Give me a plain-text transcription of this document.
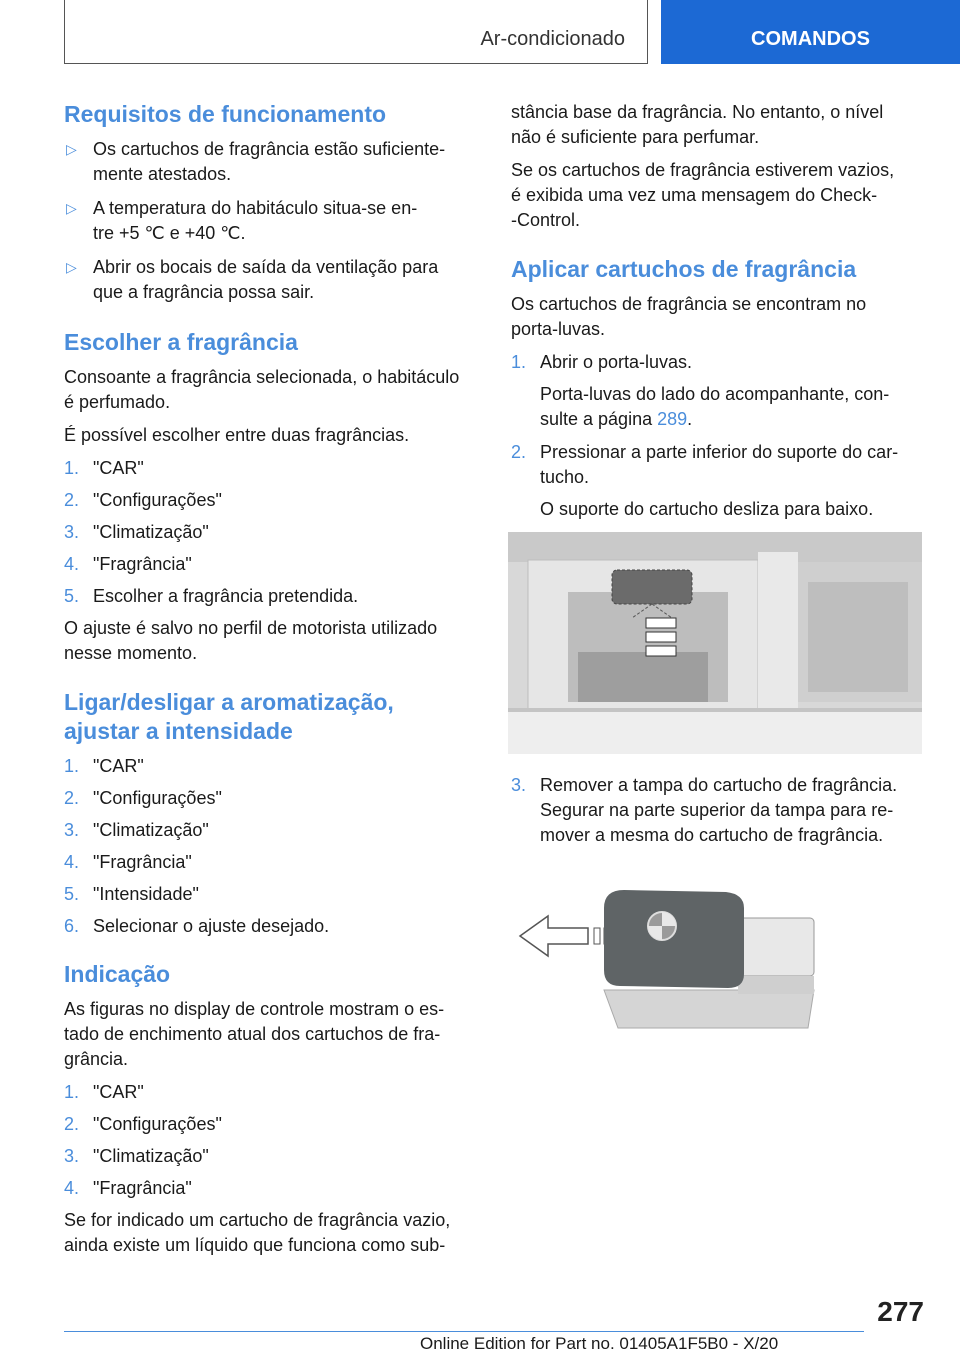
Ar-condicionado	COMANDOS
Requisitos de funcionamento
▷ Os cartuchos de fragrância estão suficiente-
mente atestados.
▷ A temperatura do habitáculo situa-se en-
tre +5 ℃ e +40 ℃.
▷ Abrir os bocais de saída da ventilação para
que a fragrância possa sair.
Escolher a fragrância

Consoante a fragrância selecionada, o habitáculo
é perfumado.

É possível escolher entre duas fragrâncias.

1. "CAR"
2. "Configurações"
3. "Climatização"
4. "Fragrância"
5. Escolher a fragrância pretendida.

O ajuste é salvo no perfil de motorista utilizado
nesse momento.

Ligar/desligar a aromatização,
ajustar a intensidade
1. "CAR"
2. "Configurações"
3. "Climatização"
4. "Fragrância"
5. "Intensidade"
6. Selecionar o ajuste desejado.
Indicação

As figuras no display de controle mostram o es-
tado de enchimento atual dos cartuchos de fra-
grância.

1. "CAR"
2. "Configurações"
3. "Climatização"
4. "Fragrância"

Se for indicado um cartucho de fragrância vazio,
ainda existe um líquido que funciona como sub-

stância base da fragrância. No entanto, o nível
não é suficiente para perfumar.

Se os cartuchos de fragrância estiverem vazios,
é exibida uma vez uma mensagem do Check-
-Control.

Aplicar cartuchos de fragrância

Os cartuchos de fragrância se encontram no
porta-luvas.

1. Abrir o porta-luvas.
Porta-luvas do lado do acompanhante, con-
sulte a página 289.
2. Pressionar a parte inferior do suporte do car-
tucho.
O suporte do cartucho desliza para baixo.
3. Remover a tampa do cartucho de fragrância.
Segurar na parte superior da tampa para re-
mover a mesma do cartucho de fragrância.
277
Online Edition for Part no. 01405A1F5B0 - X/20
